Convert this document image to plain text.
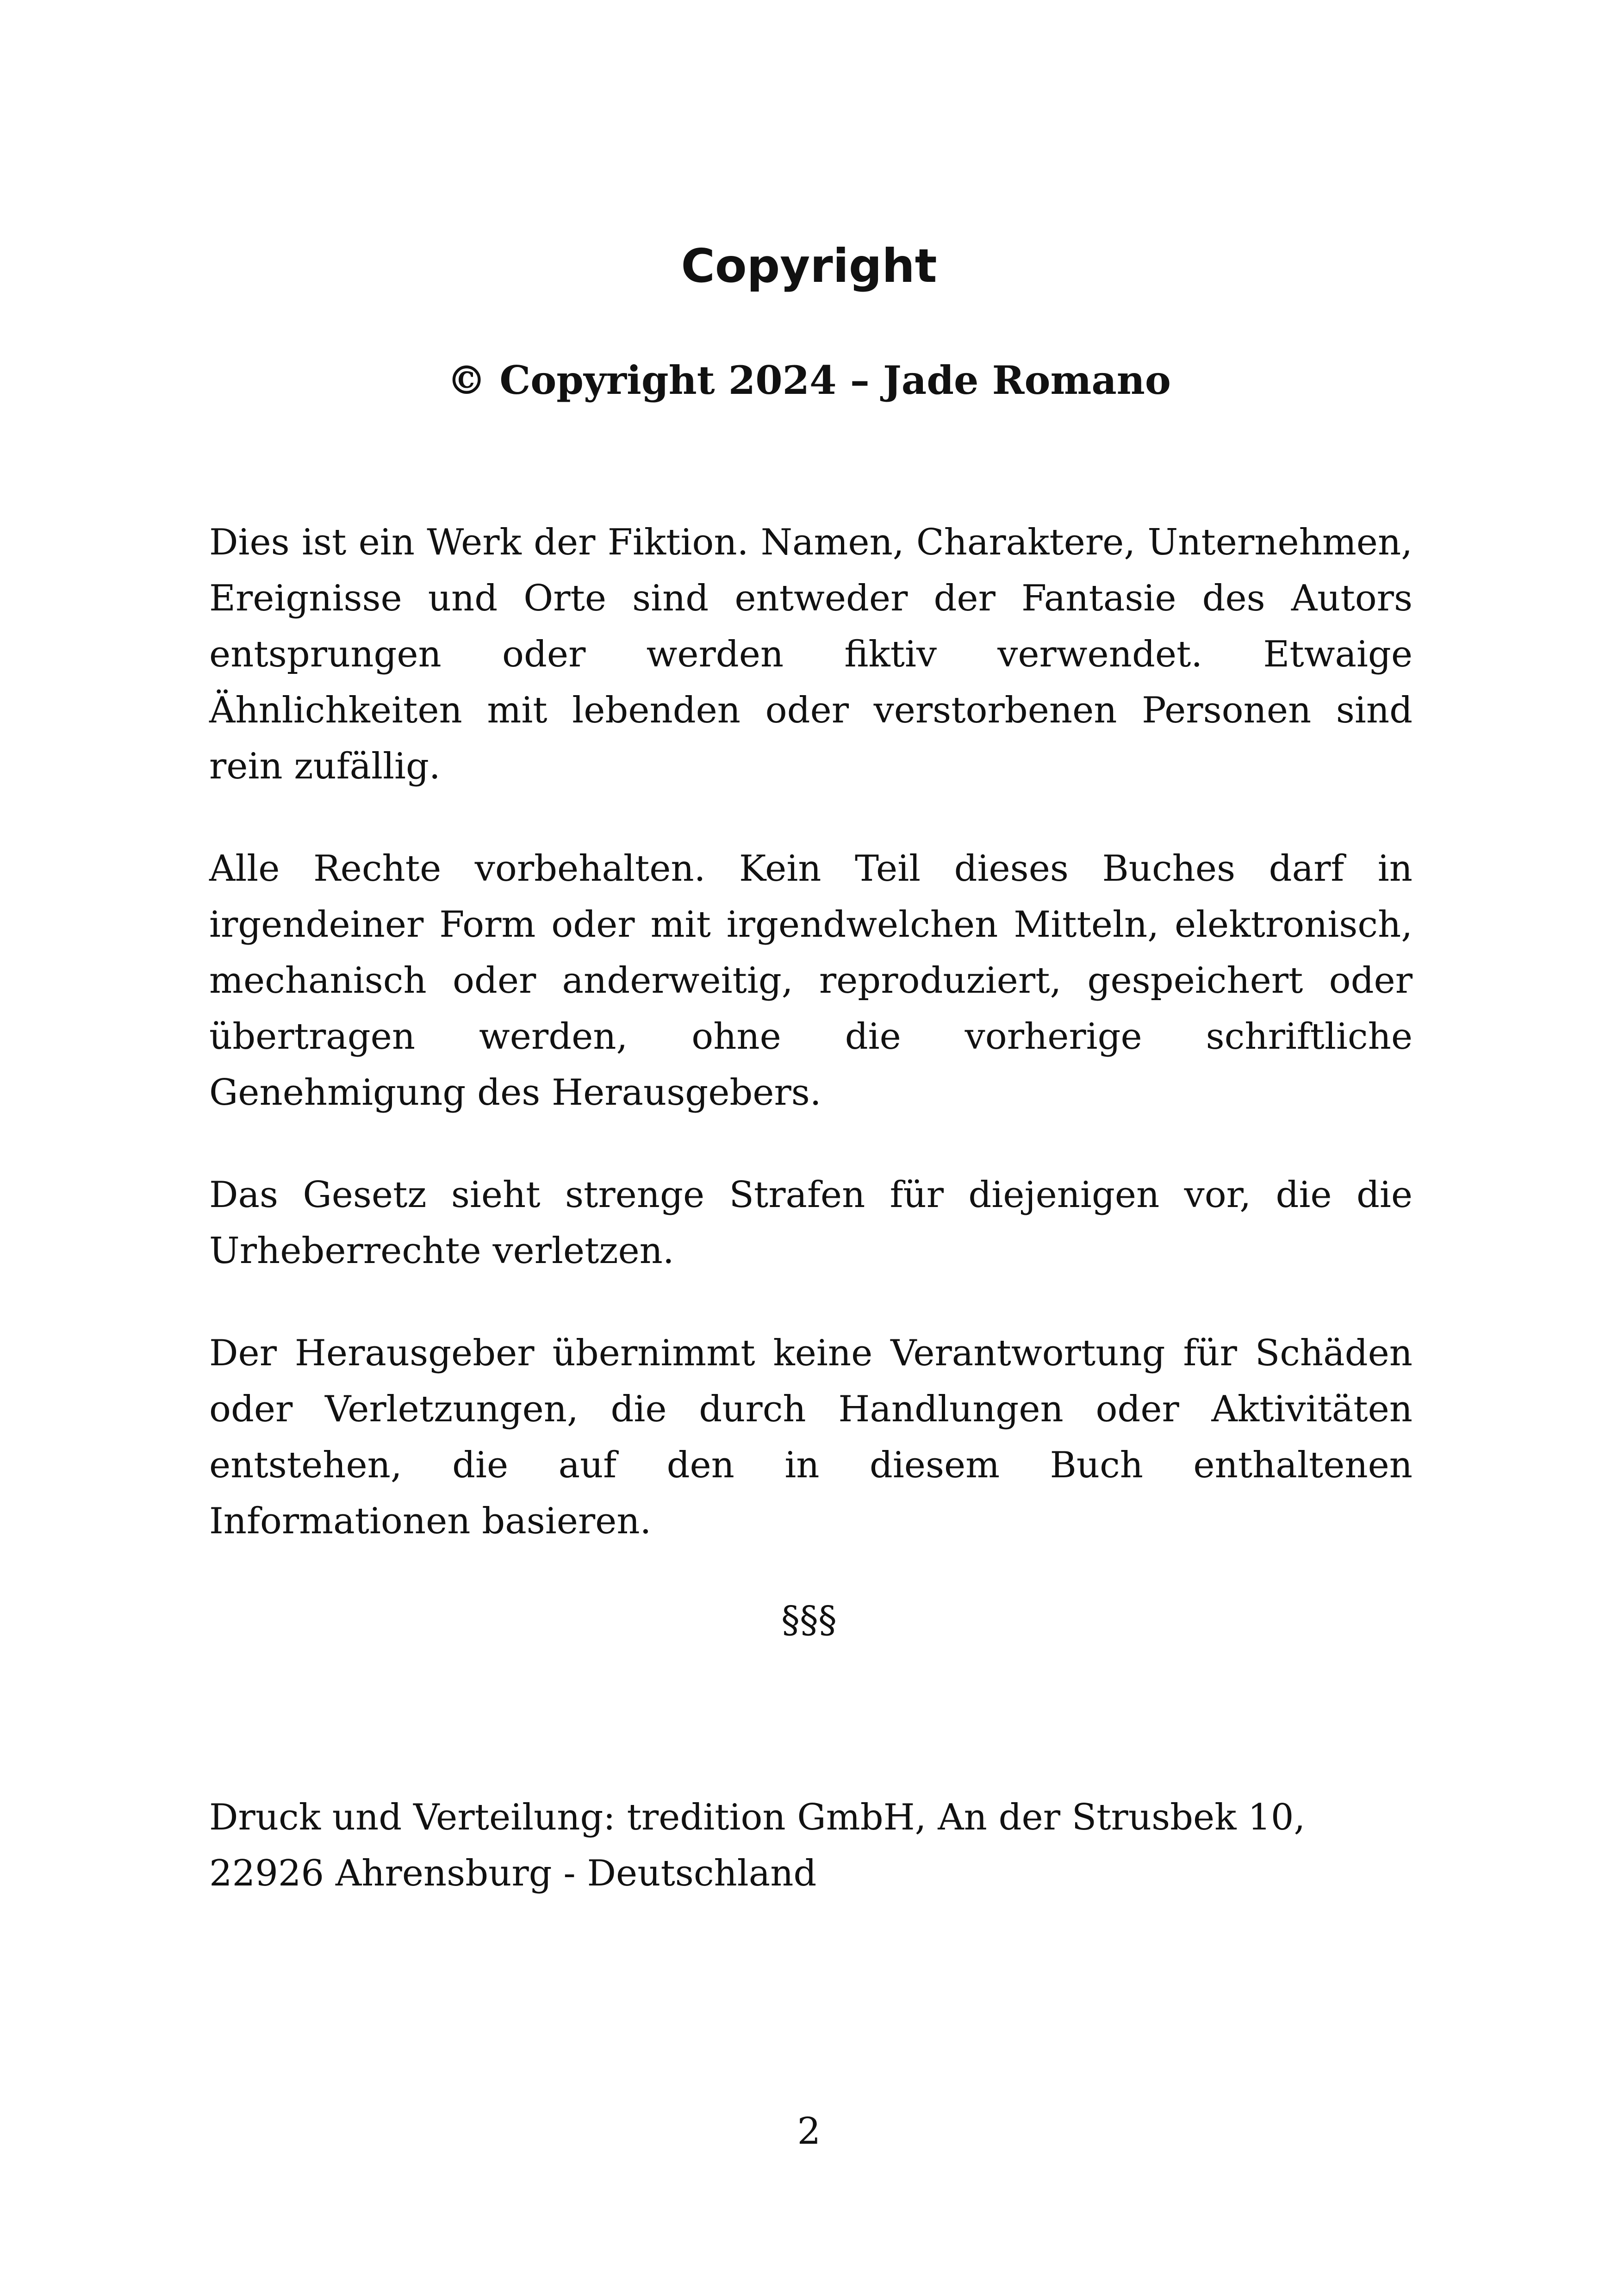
Copyright

© Copyright 2024 – Jade Romano

Dies ist ein Werk der Fiktion. Namen, Charaktere, Unternehmen, Ereignisse und Orte sind entweder der Fantasie des Autors entsprungen oder werden fiktiv verwendet. Etwaige Ähnlichkeiten mit lebenden oder verstorbenen Personen sind rein zufällig.

Alle Rechte vorbehalten. Kein Teil dieses Buches darf in irgendeiner Form oder mit irgendwelchen Mitteln, elektronisch, mechanisch oder anderweitig, reproduziert, gespeichert oder übertragen werden, ohne die vorherige schriftliche Genehmigung des Herausgebers.

Das Gesetz sieht strenge Strafen für diejenigen vor, die die Urheberrechte verletzen.

Der Herausgeber übernimmt keine Verantwortung für Schäden oder Verletzungen, die durch Handlungen oder Aktivitäten entstehen, die auf den in diesem Buch enthaltenen Informationen basieren.

§§§

Druck und Verteilung: tredition GmbH, An der Strusbek 10, 22926 Ahrensburg - Deutschland

2
